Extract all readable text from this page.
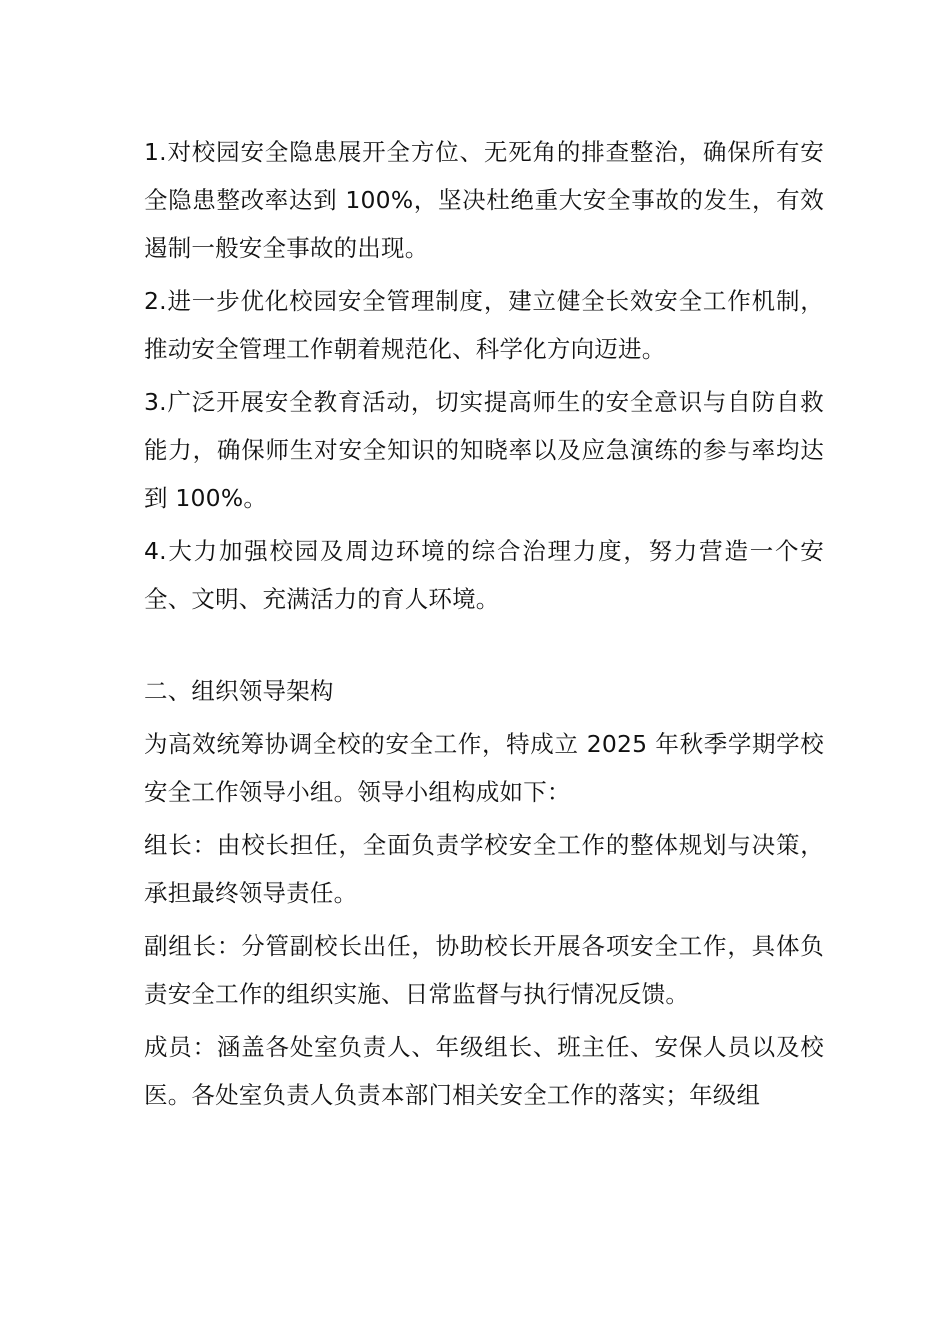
1.对校园安全隐患展开全方位、无死角的排查整治，确保所有安全隐患整改率达到 100%，坚决杜绝重大安全事故的发生，有效遏制一般安全事故的出现。

2.进一步优化校园安全管理制度，建立健全长效安全工作机制，推动安全管理工作朝着规范化、科学化方向迈进。

3.广泛开展安全教育活动，切实提高师生的安全意识与自防自救能力，确保师生对安全知识的知晓率以及应急演练的参与率均达到 100%。

4.大力加强校园及周边环境的综合治理力度，努力营造一个安全、文明、充满活力的育人环境。

二、组织领导架构

为高效统筹协调全校的安全工作，特成立 2025 年秋季学期学校安全工作领导小组。领导小组构成如下：

组长：由校长担任，全面负责学校安全工作的整体规划与决策，承担最终领导责任。

副组长：分管副校长出任，协助校长开展各项安全工作，具体负责安全工作的组织实施、日常监督与执行情况反馈。

成员：涵盖各处室负责人、年级组长、班主任、安保人员以及校医。各处室负责人负责本部门相关安全工作的落实；年级组
